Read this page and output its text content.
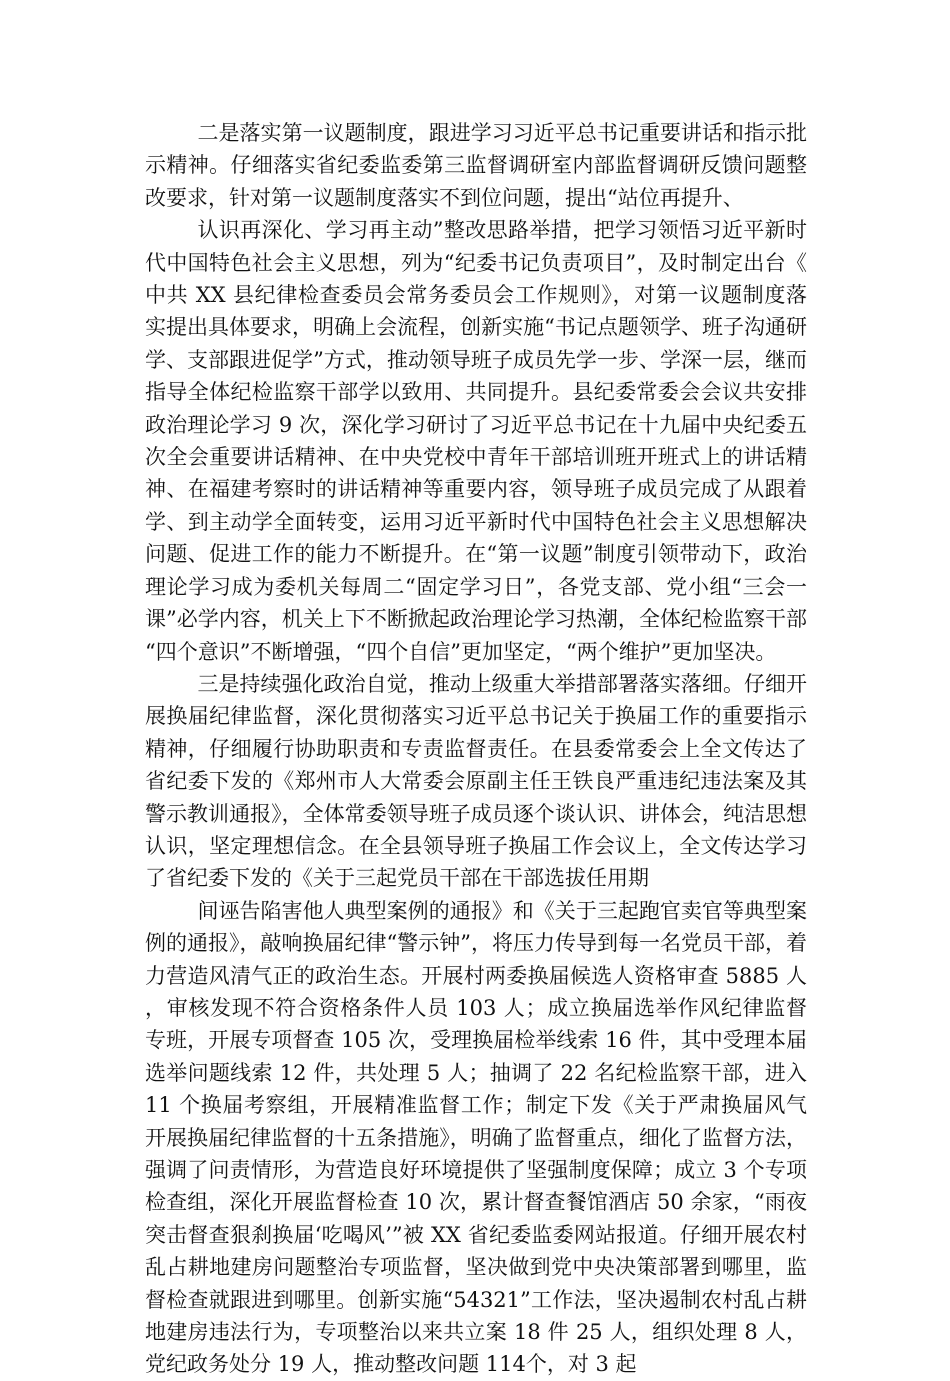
二是落实第一议题制度，跟进学习习近平总书记重要讲话和指示批示精神。仔细落实省纪委监委第三监督调研室内部监督调研反馈问题整改要求，针对第一议题制度落实不到位问题，提出“站位再提升、

认识再深化、学习再主动”整改思路举措，把学习领悟习近平新时代中国特色社会主义思想，列为“纪委书记负责项目”，及时制定出台《中共 XX 县纪律检查委员会常务委员会工作规则》，对第一议题制度落实提出具体要求，明确上会流程，创新实施“书记点题领学、班子沟通研学、支部跟进促学”方式，推动领导班子成员先学一步、学深一层，继而指导全体纪检监察干部学以致用、共同提升。县纪委常委会会议共安排政治理论学习 9 次，深化学习研讨了习近平总书记在十九届中央纪委五次全会重要讲话精神、在中央党校中青年干部培训班开班式上的讲话精神、在福建考察时的讲话精神等重要内容，领导班子成员完成了从跟着学、到主动学全面转变，运用习近平新时代中国特色社会主义思想解决问题、促进工作的能力不断提升。在“第一议题”制度引领带动下，政治理论学习成为委机关每周二“固定学习日”，各党支部、党小组“三会一课”必学内容，机关上下不断掀起政治理论学习热潮，全体纪检监察干部“四个意识”不断增强，“四个自信”更加坚定，“两个维护”更加坚决。

三是持续强化政治自觉，推动上级重大举措部署落实落细。仔细开展换届纪律监督，深化贯彻落实习近平总书记关于换届工作的重要指示精神，仔细履行协助职责和专责监督责任。在县委常委会上全文传达了省纪委下发的《郑州市人大常委会原副主任王铁良严重违纪违法案及其警示教训通报》，全体常委领导班子成员逐个谈认识、讲体会，纯洁思想认识，坚定理想信念。在全县领导班子换届工作会议上，全文传达学习了省纪委下发的《关于三起党员干部在干部选拔任用期

间诬告陷害他人典型案例的通报》和《关于三起跑官卖官等典型案例的通报》，敲响换届纪律“警示钟”，将压力传导到每一名党员干部，着力营造风清气正的政治生态。开展村两委换届候选人资格审查 5885 人，审核发现不符合资格条件人员 103 人；成立换届选举作风纪律监督专班，开展专项督查 105 次，受理换届检举线索 16 件，其中受理本届选举问题线索 12 件，共处理 5 人；抽调了 22 名纪检监察干部，进入 11 个换届考察组，开展精准监督工作；制定下发《关于严肃换届风气开展换届纪律监督的十五条措施》，明确了监督重点，细化了监督方法，强调了问责情形，为营造良好环境提供了坚强制度保障；成立 3 个专项检查组，深化开展监督检查 10 次，累计督查餐馆酒店 50 余家，“雨夜突击督查狠刹换届‘吃喝风’”被 XX 省纪委监委网站报道。仔细开展农村乱占耕地建房问题整治专项监督，坚决做到党中央决策部署到哪里，监督检查就跟进到哪里。创新实施“54321”工作法，坚决遏制农村乱占耕地建房违法行为，专项整治以来共立案 18 件 25 人，组织处理 8 人，党纪政务处分 19 人，推动整改问题 114个，对 3 起
